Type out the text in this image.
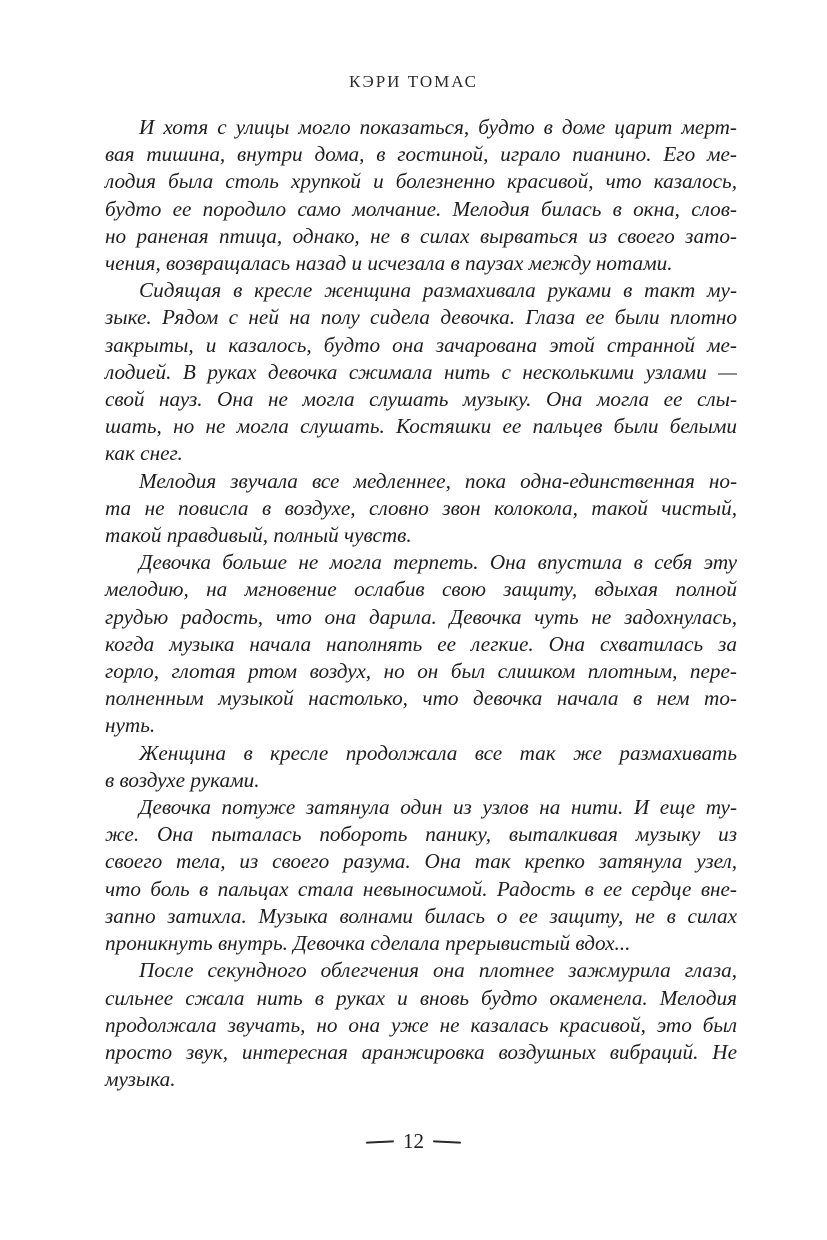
КЭРИ ТОМАС

И хотя с улицы могло показаться, будто в доме царит мерт-
вая тишина, внутри дома, в гостиной, играло пианино. Его ме-
лодия была столь хрупкой и болезненно красивой, что казалось,
будто ее породило само молчание. Мелодия билась в окна, слов-
но раненая птица, однако, не в силах вырваться из своего зато-
чения, возвращалась назад и исчезала в паузах между нотами.

Сидящая в кресле женщина размахивала руками в такт му-
зыке. Рядом с ней на полу сидела девочка. Глаза ее были плотно
закрыты, и казалось, будто она зачарована этой странной ме-
лодией. В руках девочка сжимала нить с несколькими узлами —
свой науз. Она не могла слушать музыку. Она могла ее слы-
шать, но не могла слушать. Костяшки ее пальцев были белыми
как снег.

Мелодия звучала все медленнее, пока одна-единственная но-
та не повисла в воздухе, словно звон колокола, такой чистый,
такой правдивый, полный чувств.

Девочка больше не могла терпеть. Она впустила в себя эту
мелодию, на мгновение ослабив свою защиту, вдыхая полной
грудью радость, что она дарила. Девочка чуть не задохнулась,
когда музыка начала наполнять ее легкие. Она схватилась за
горло, глотая ртом воздух, но он был слишком плотным, пере-
полненным музыкой настолько, что девочка начала в нем то-
нуть.

Женщина в кресле продолжала все так же размахивать
в воздухе руками.

Девочка потуже затянула один из узлов на нити. И еще ту-
же. Она пыталась побороть панику, выталкивая музыку из
своего тела, из своего разума. Она так крепко затянула узел,
что боль в пальцах стала невыносимой. Радость в ее сердце вне-
запно затихла. Музыка волнами билась о ее защиту, не в силах
проникнуть внутрь. Девочка сделала прерывистый вдох...

После секундного облегчения она плотнее зажмурила глаза,
сильнее сжала нить в руках и вновь будто окаменела. Мелодия
продолжала звучать, но она уже не казалась красивой, это был
просто звук, интересная аранжировка воздушных вибраций. Не
музыка.

12
